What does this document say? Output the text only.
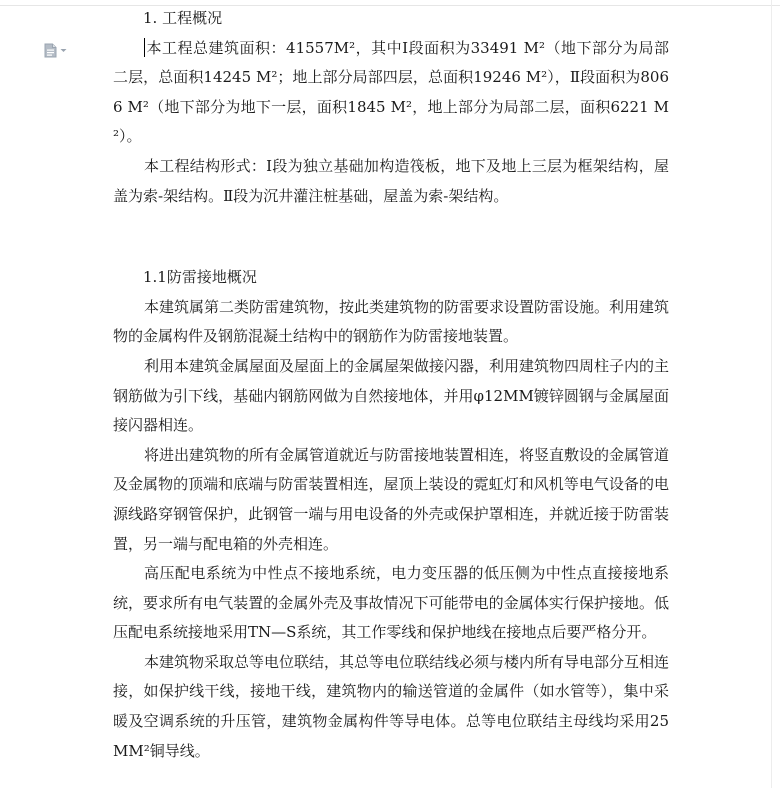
1. 工程概况

本工程总建筑面积：41557M²，其中Ⅰ段面积为33491 M²（地下部分为局部二层，总面积14245 M²；地上部分局部四层，总面积19246 M²），Ⅱ段面积为8066 M²（地下部分为地下一层，面积1845 M²，地上部分为局部二层，面积6221 M²）。

本工程结构形式：Ⅰ段为独立基础加构造筏板，地下及地上三层为框架结构，屋盖为索-架结构。Ⅱ段为沉井灌注桩基础，屋盖为索-架结构。

1.1防雷接地概况

本建筑属第二类防雷建筑物，按此类建筑物的防雷要求设置防雷设施。利用建筑物的金属构件及钢筋混凝土结构中的钢筋作为防雷接地装置。

利用本建筑金属屋面及屋面上的金属屋架做接闪器，利用建筑物四周柱子内的主钢筋做为引下线，基础内钢筋网做为自然接地体，并用φ12MM镀锌圆钢与金属屋面接闪器相连。

将进出建筑物的所有金属管道就近与防雷接地装置相连，将竖直敷设的金属管道及金属物的顶端和底端与防雷装置相连，屋顶上装设的霓虹灯和风机等电气设备的电源线路穿钢管保护，此钢管一端与用电设备的外壳或保护罩相连，并就近接于防雷装置，另一端与配电箱的外壳相连。

高压配电系统为中性点不接地系统，电力变压器的低压侧为中性点直接接地系统，要求所有电气装置的金属外壳及事故情况下可能带电的金属体实行保护接地。低压配电系统接地采用TN—S系统，其工作零线和保护地线在接地点后要严格分开。

本建筑物采取总等电位联结，其总等电位联结线必须与楼内所有导电部分互相连接，如保护线干线，接地干线，建筑物内的输送管道的金属件（如水管等），集中采暖及空调系统的升压管，建筑物金属构件等导电体。总等电位联结主母线均采用25MM²铜导线。
